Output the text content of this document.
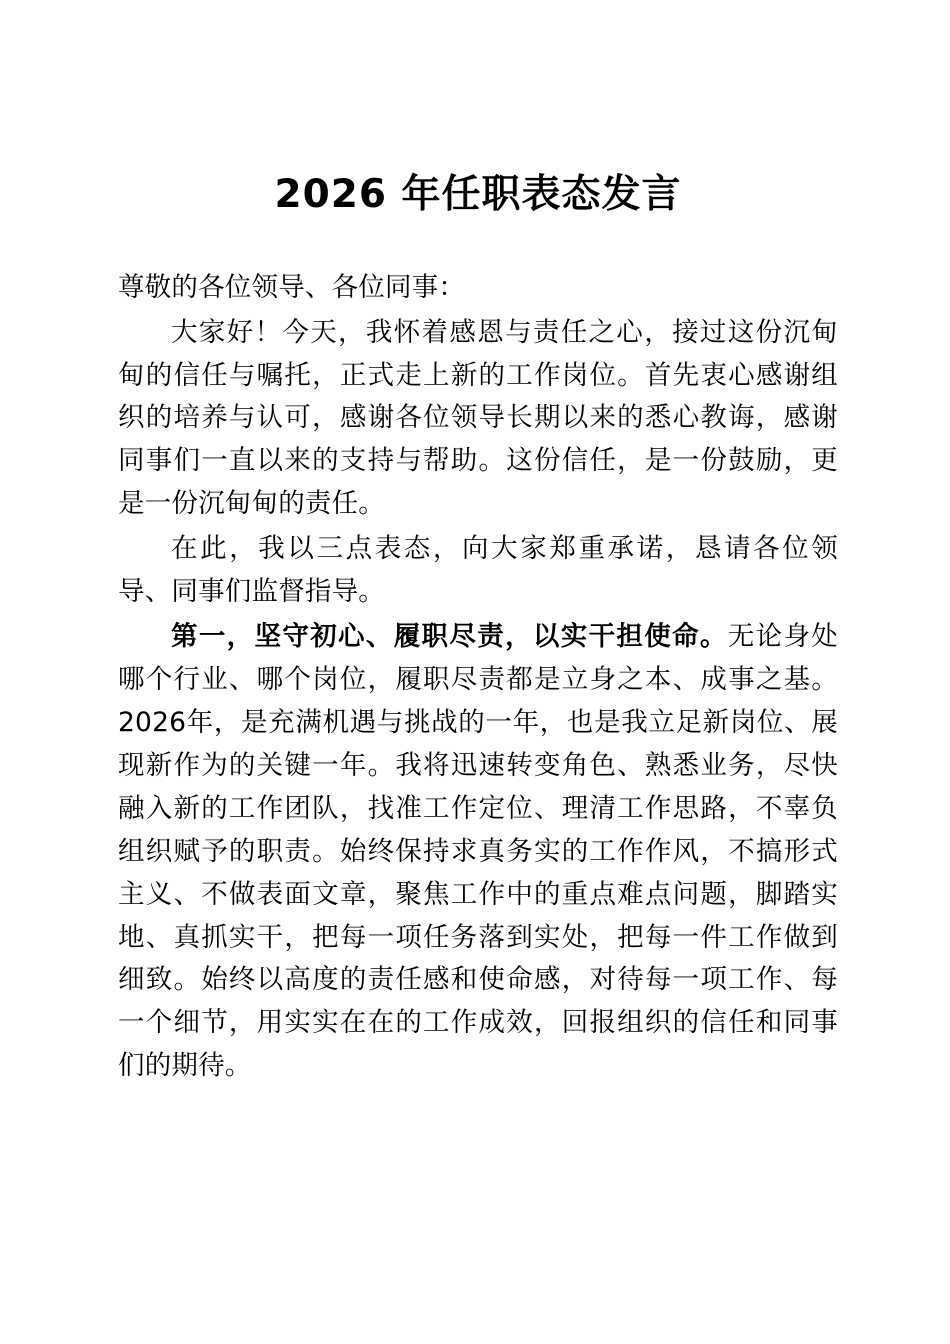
2026 年任职表态发言

尊敬的各位领导、各位同事：

大家好！今天，我怀着感恩与责任之心，接过这份沉甸甸的信任与嘱托，正式走上新的工作岗位。首先衷心感谢组织的培养与认可，感谢各位领导长期以来的悉心教诲，感谢同事们一直以来的支持与帮助。这份信任，是一份鼓励，更是一份沉甸甸的责任。

在此，我以三点表态，向大家郑重承诺，恳请各位领导、同事们监督指导。

第一，坚守初心、履职尽责，以实干担使命。无论身处哪个行业、哪个岗位，履职尽责都是立身之本、成事之基。2026年，是充满机遇与挑战的一年，也是我立足新岗位、展现新作为的关键一年。我将迅速转变角色、熟悉业务，尽快融入新的工作团队，找准工作定位、理清工作思路，不辜负组织赋予的职责。始终保持求真务实的工作作风，不搞形式主义、不做表面文章，聚焦工作中的重点难点问题，脚踏实地、真抓实干，把每一项任务落到实处，把每一件工作做到细致。始终以高度的责任感和使命感，对待每一项工作、每一个细节，用实实在在的工作成效，回报组织的信任和同事们的期待。
